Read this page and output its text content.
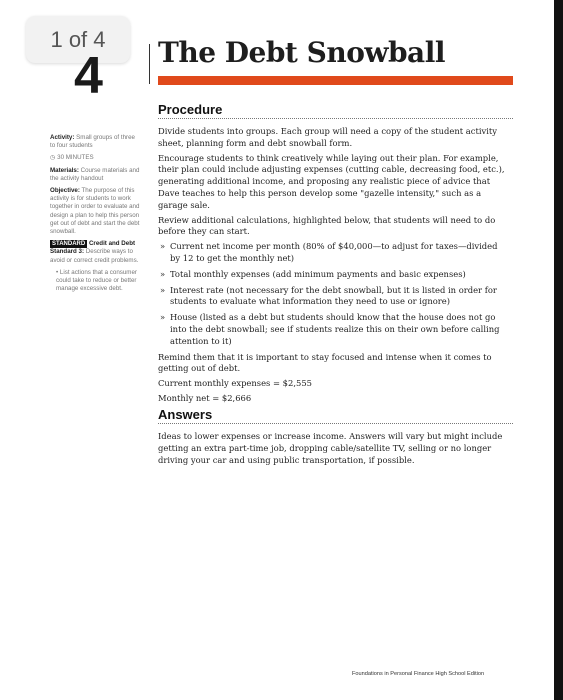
1 of 4
4 The Debt Snowball
Procedure

Activity: Small groups of three to four students

◷ 30 MINUTES

Materials: Course materials and the activity handout

Objective: The purpose of this activity is for students to work together in order to evaluate and design a plan to help this person get out of debt and start the debt snowball.

STANDARD Credit and Debt Standard 3: Describe ways to avoid or correct credit problems.

• List actions that a consumer could take to reduce or better manage excessive debt.

Divide students into groups. Each group will need a copy of the student activity sheet, planning form and debt snowball form.

Encourage students to think creatively while laying out their plan. For example, their plan could include adjusting expenses (cutting cable, decreasing food, etc.), generating additional income, and proposing any realistic piece of advice that Dave teaches to help this person develop some "gazelle intensity," such as a garage sale.

Review additional calculations, highlighted below, that students will need to do before they can start.

» Current net income per month (80% of $40,000—to adjust for taxes—divided by 12 to get the monthly net)
» Total monthly expenses (add minimum payments and basic expenses)
» Interest rate (not necessary for the debt snowball, but it is listed in order for students to evaluate what information they need to use or ignore)
» House (listed as a debt but students should know that the house does not go into the debt snowball; see if students realize this on their own before calling attention to it)

Remind them that it is important to stay focused and intense when it comes to getting out of debt.

Current monthly expenses = $2,555

Monthly net = $2,666

Answers
Ideas to lower expenses or increase income. Answers will vary but might include getting an extra part-time job, dropping cable/satellite TV, selling or no longer driving your car and using public transportation, if possible.
Foundations in Personal Finance High School Edition
